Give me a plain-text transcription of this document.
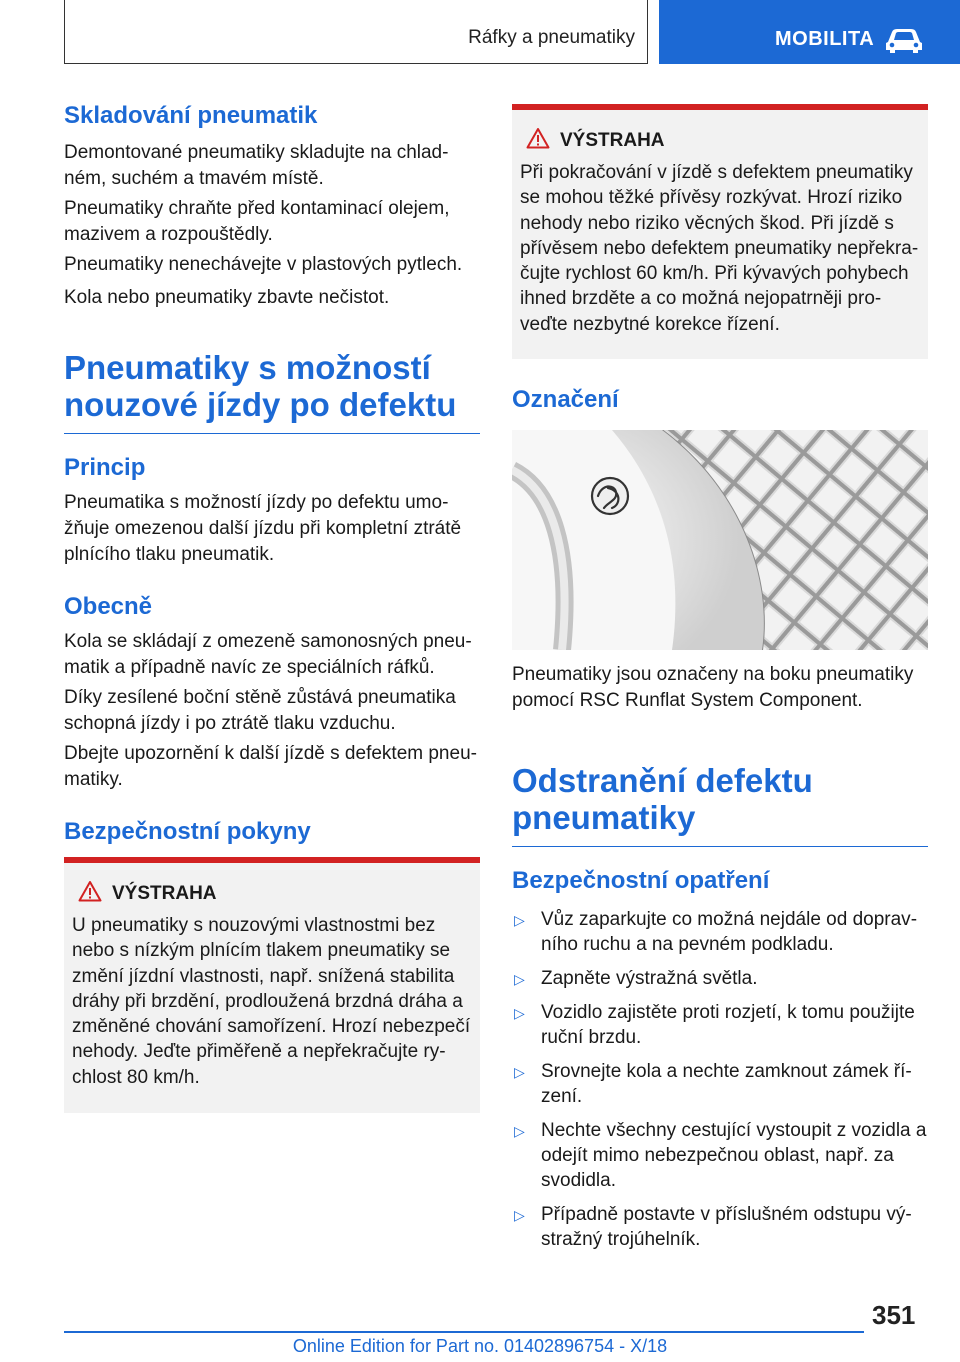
Ráfky a pneumatiky	MOBILITA
Skladování pneumatik

Demontované pneumatiky skladujte na chladném, suchém a tmavém místě.

Pneumatiky chraňte před kontaminací olejem, mazivem a rozpouštědly.

Pneumatiky nenechávejte v plastových pytlech.

Kola nebo pneumatiky zbavte nečistot.

Pneumatiky s možností nouzové jízdy po defektu
Princip

Pneumatika s možností jízdy po defektu umožňuje omezenou další jízdu při kompletní ztrátě plnícího tlaku pneumatik.

Obecně

Kola se skládají z omezeně samonosných pneumatik a případně navíc ze speciálních ráfků.

Díky zesílené boční stěně zůstává pneumatika schopná jízdy i po ztrátě tlaku vzduchu.

Dbejte upozornění k další jízdě s defektem pneumatiky.

Bezpečnostní pokyny
VÝSTRAHA

U pneumatiky s nouzovými vlastnostmi bez nebo s nízkým plnícím tlakem pneumatiky se změní jízdní vlastnosti, např. snížená stabilita dráhy při brzdění, prodloužená brzdná dráha a změněné chování samořízení. Hrozí nebezpečí nehody. Jeďte přiměřeně a nepřekračujte rychlost 80 km/h.

VÝSTRAHA

Při pokračování v jízdě s defektem pneumatiky se mohou těžké přívěsy rozkývat. Hrozí riziko nehody nebo riziko věcných škod. Při jízdě s přívěsem nebo defektem pneumatiky nepřekračujte rychlost 60 km/h. Při kývavých pohybech ihned brzděte a co možná nejopatrněji proveďte nezbytné korekce řízení.

Označení

Pneumatiky jsou označeny na boku pneumatiky pomocí RSC Runflat System Component.

Odstranění defektu pneumatiky
Bezpečnostní opatření
▷ Vůz zaparkujte co možná nejdále od dopravního ruchu a na pevném podkladu.
▷ Zapněte výstražná světla.
▷ Vozidlo zajistěte proti rozjetí, k tomu použijte ruční brzdu.
▷ Srovnejte kola a nechte zamknout zámek řízení.
▷ Nechte všechny cestující vystoupit z vozidla a odejít mimo nebezpečnou oblast, např. za svodidla.
▷ Případně postavte v příslušném odstupu výstražný trojúhelník.
351
Online Edition for Part no. 01402896754 - X/18
